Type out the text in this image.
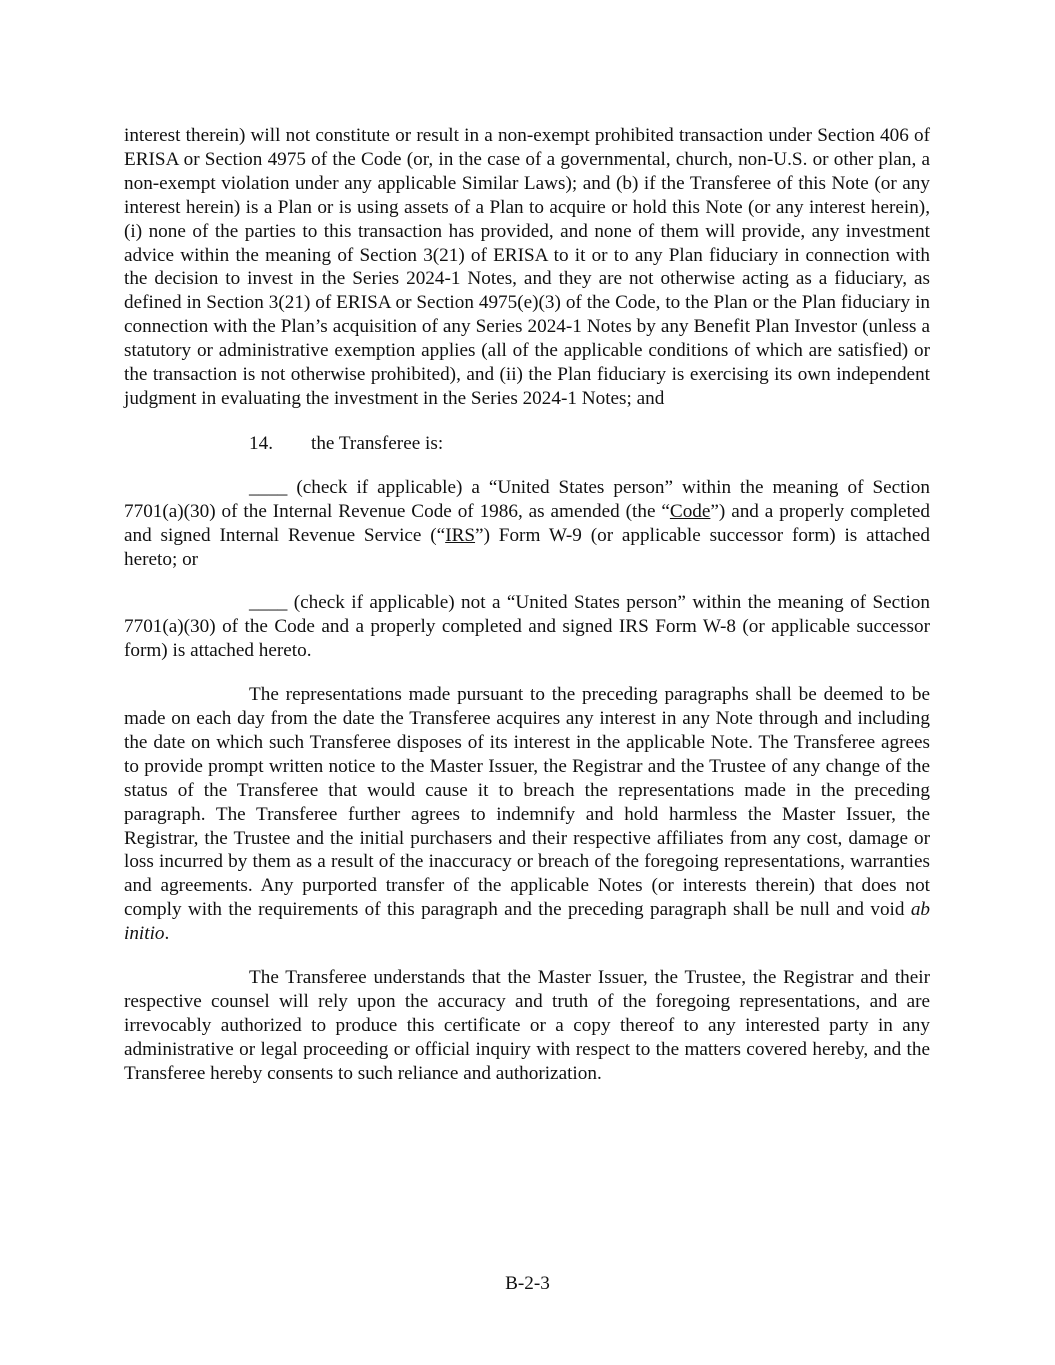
interest therein) will not constitute or result in a non-exempt prohibited transaction under Section 406 of ERISA or Section 4975 of the Code (or, in the case of a governmental, church, non-U.S. or other plan, a non-exempt violation under any applicable Similar Laws); and (b) if the Transferee of this Note (or any interest herein) is a Plan or is using assets of a Plan to acquire or hold this Note (or any interest herein), (i) none of the parties to this transaction has provided, and none of them will provide, any investment advice within the meaning of Section 3(21) of ERISA to it or to any Plan fiduciary in connection with the decision to invest in the Series 2024-1 Notes, and they are not otherwise acting as a fiduciary, as defined in Section 3(21) of ERISA or Section 4975(e)(3) of the Code, to the Plan or the Plan fiduciary in connection with the Plan’s acquisition of any Series 2024-1 Notes by any Benefit Plan Investor (unless a statutory or administrative exemption applies (all of the applicable conditions of which are satisfied) or the transaction is not otherwise prohibited), and (ii) the Plan fiduciary is exercising its own independent judgment in evaluating the investment in the Series 2024-1 Notes; and

14. the Transferee is:

____ (check if applicable) a “United States person” within the meaning of Section 7701(a)(30) of the Internal Revenue Code of 1986, as amended (the “Code”) and a properly completed and signed Internal Revenue Service (“IRS”) Form W-9 (or applicable successor form) is attached hereto; or

____ (check if applicable) not a “United States person” within the meaning of Section 7701(a)(30) of the Code and a properly completed and signed IRS Form W-8 (or applicable successor form) is attached hereto.

The representations made pursuant to the preceding paragraphs shall be deemed to be made on each day from the date the Transferee acquires any interest in any Note through and including the date on which such Transferee disposes of its interest in the applicable Note. The Transferee agrees to provide prompt written notice to the Master Issuer, the Registrar and the Trustee of any change of the status of the Transferee that would cause it to breach the representations made in the preceding paragraph. The Transferee further agrees to indemnify and hold harmless the Master Issuer, the Registrar, the Trustee and the initial purchasers and their respective affiliates from any cost, damage or loss incurred by them as a result of the inaccuracy or breach of the foregoing representations, warranties and agreements. Any purported transfer of the applicable Notes (or interests therein) that does not comply with the requirements of this paragraph and the preceding paragraph shall be null and void ab initio.

The Transferee understands that the Master Issuer, the Trustee, the Registrar and their respective counsel will rely upon the accuracy and truth of the foregoing representations, and are irrevocably authorized to produce this certificate or a copy thereof to any interested party in any administrative or legal proceeding or official inquiry with respect to the matters covered hereby, and the Transferee hereby consents to such reliance and authorization.

B-2-3
